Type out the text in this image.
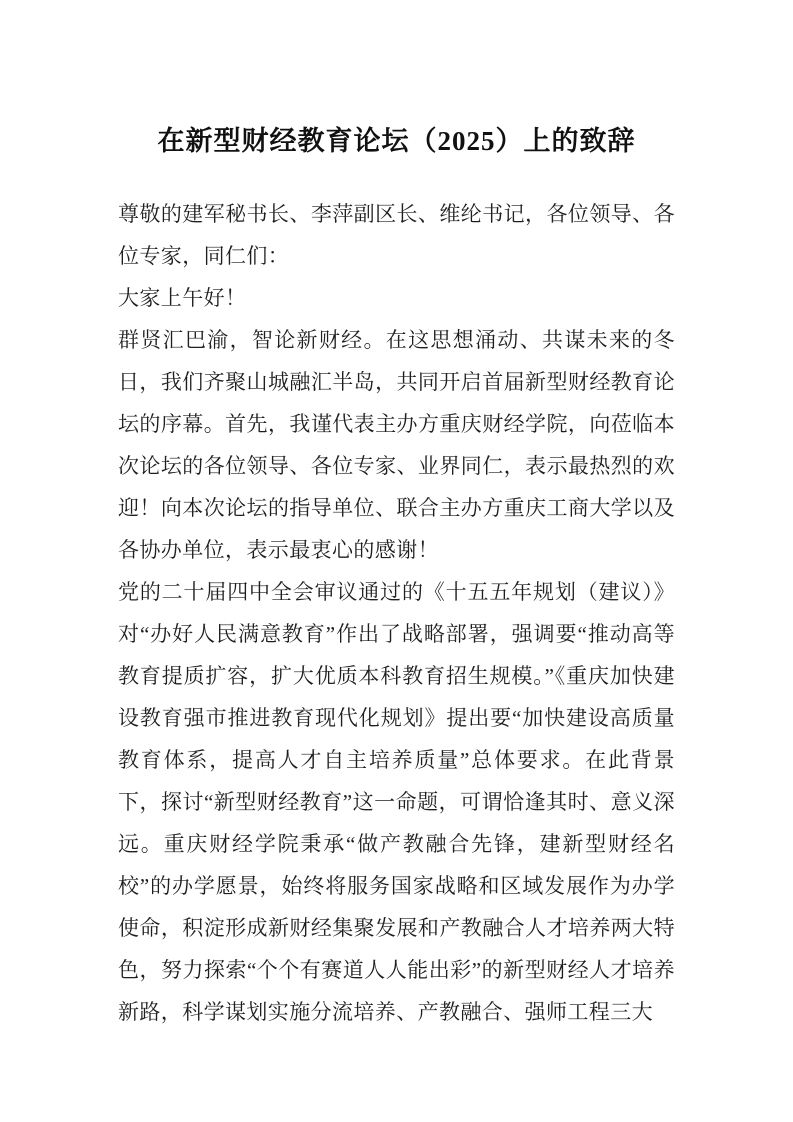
在新型财经教育论坛（2025）上的致辞

尊敬的建军秘书长、李萍副区长、维纶书记，各位领导、各位专家，同仁们：

大家上午好！

群贤汇巴渝，智论新财经。在这思想涌动、共谋未来的冬日，我们齐聚山城融汇半岛，共同开启首届新型财经教育论坛的序幕。首先，我谨代表主办方重庆财经学院，向莅临本次论坛的各位领导、各位专家、业界同仁，表示最热烈的欢迎！向本次论坛的指导单位、联合主办方重庆工商大学以及各协办单位，表示最衷心的感谢！

党的二十届四中全会审议通过的《十五五年规划（建议）》对“办好人民满意教育”作出了战略部署，强调要“推动高等教育提质扩容，扩大优质本科教育招生规模。”《重庆加快建设教育强市推进教育现代化规划》提出要“加快建设高质量教育体系，提高人才自主培养质量”总体要求。在此背景下，探讨“新型财经教育”这一命题，可谓恰逢其时、意义深远。重庆财经学院秉承“做产教融合先锋，建新型财经名校”的办学愿景，始终将服务国家战略和区域发展作为办学使命，积淀形成新财经集聚发展和产教融合人才培养两大特色，努力探索“个个有赛道人人能出彩”的新型财经人才培养新路，科学谋划实施分流培养、产教融合、强师工程三大
